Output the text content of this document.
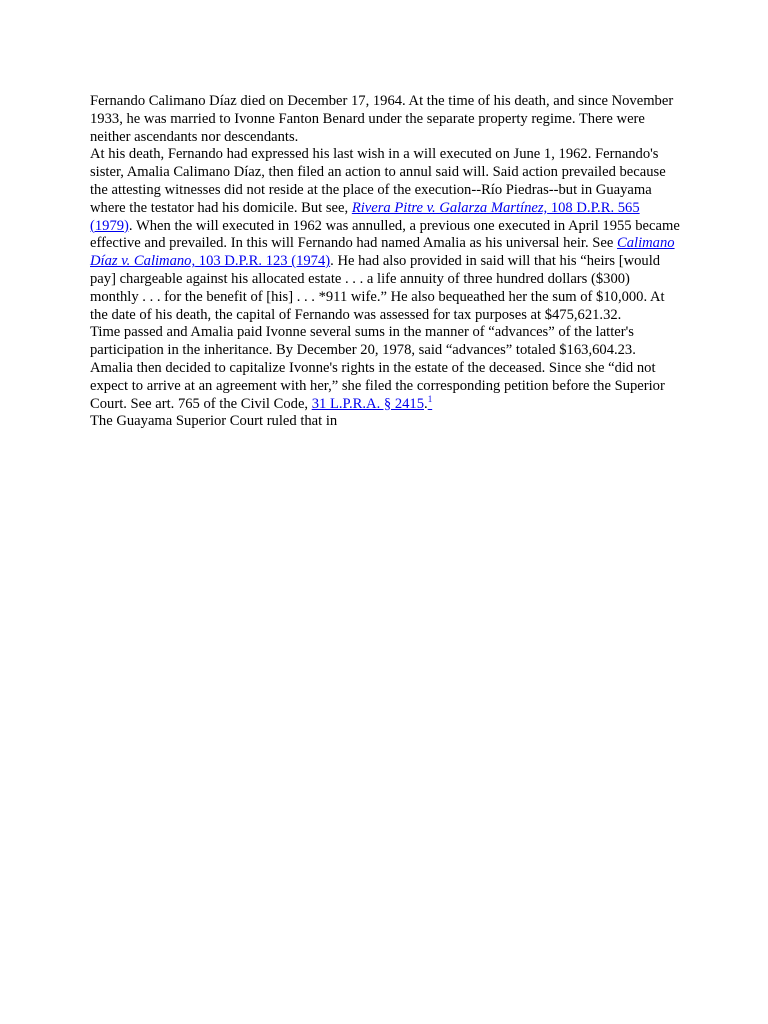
Fernando Calimano Díaz died on December 17, 1964. At the time of his death, and since November 1933, he was married to Ivonne Fanton Benard under the separate property regime. There were neither ascendants nor descendants.
At his death, Fernando had expressed his last wish in a will executed on June 1, 1962. Fernando's sister, Amalia Calimano Díaz, then filed an action to annul said will. Said action prevailed because the attesting witnesses did not reside at the place of the execution--Río Piedras--but in Guayama where the testator had his domicile. But see, Rivera Pitre v. Galarza Martínez, 108 D.P.R. 565 (1979). When the will executed in 1962 was annulled, a previous one executed in April 1955 became effective and prevailed. In this will Fernando had named Amalia as his universal heir. See Calimano Díaz v. Calimano, 103 D.P.R. 123 (1974). He had also provided in said will that his “heirs [would pay] chargeable against his allocated estate . . . a life annuity of three hundred dollars ($300) monthly . . . for the benefit of [his] . . . *911 wife.” He also bequeathed her the sum of $10,000. At the date of his death, the capital of Fernando was assessed for tax purposes at $475,621.32.
Time passed and Amalia paid Ivonne several sums in the manner of “advances” of the latter's participation in the inheritance. By December 20, 1978, said “advances” totaled $163,604.23. Amalia then decided to capitalize Ivonne's rights in the estate of the deceased. Since she “did not expect to arrive at an agreement with her,” she filed the corresponding petition before the Superior Court. See art. 765 of the Civil Code, 31 L.P.R.A. § 2415.$^1$
The Guayama Superior Court ruled that in
